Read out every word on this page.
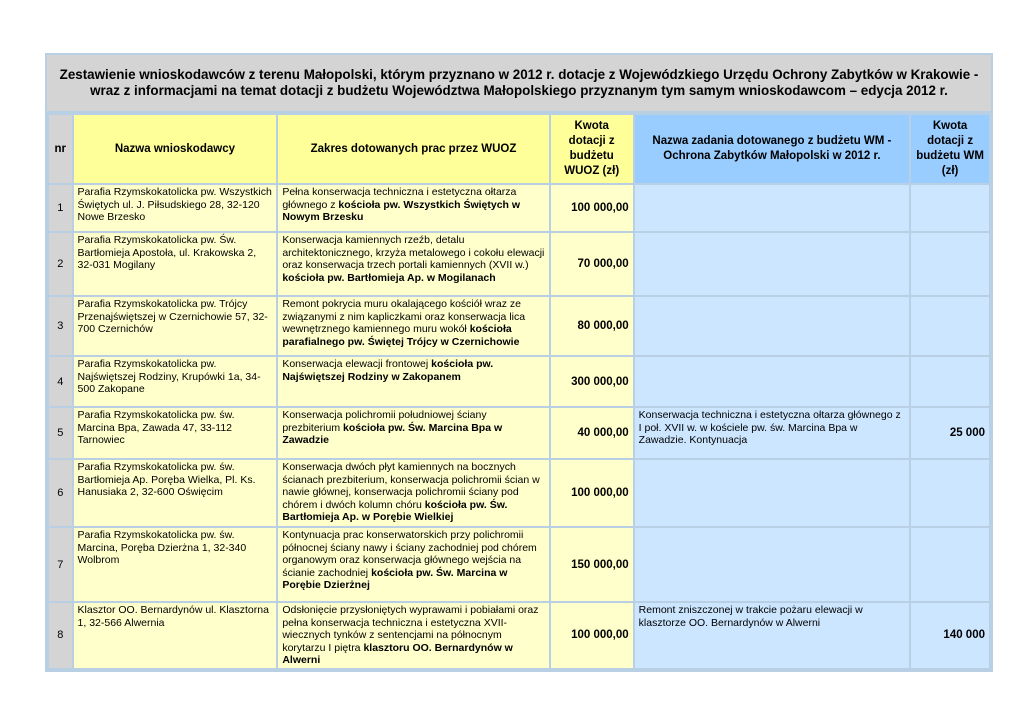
Zestawienie wnioskodawców z terenu Małopolski, którym przyznano w 2012 r. dotacje z Wojewódzkiego Urzędu Ochrony Zabytków w Krakowie -
wraz z informacjami na temat dotacji z budżetu Województwa Małopolskiego przyznanym tym samym wnioskodawcom – edycja 2012 r.
nr	Nazwa wnioskodawcy	Zakres dotowanych prac przez WUOZ	Kwota dotacji z budżetu WUOZ (zł)	Nazwa zadania dotowanego z budżetu WM - Ochrona Zabytków Małopolski w 2012 r.	Kwota dotacji z budżetu WM (zł)
1	Parafia Rzymskokatolicka pw. Wszystkich Świętych ul. J. Piłsudskiego 28, 32-120 Nowe Brzesko	Pełna konserwacja techniczna i estetyczna ołtarza głównego z kościoła pw. Wszystkich Świętych w Nowym Brzesku	100 000,00		
2	Parafia Rzymskokatolicka pw. Św. Bartłomieja Apostoła, ul. Krakowska 2, 32-031 Mogilany	Konserwacja kamiennych rzeźb, detalu architektonicznego, krzyża metalowego i cokołu elewacji oraz konserwacja trzech portali kamiennych (XVII w.) kościoła pw. Bartłomieja Ap. w Mogilanach	70 000,00		
3	Parafia Rzymskokatolicka pw. Trójcy Przenajświętszej w Czernichowie 57, 32-700 Czernichów	Remont pokrycia muru okalającego kościół wraz ze związanymi z nim kapliczkami oraz konserwacja lica wewnętrznego kamiennego muru wokół kościoła parafialnego pw. Świętej Trójcy w Czernichowie	80 000,00		
4	Parafia Rzymskokatolicka pw. Najświętszej Rodziny, Krupówki 1a, 34-500 Zakopane	Konserwacja elewacji frontowej kościoła pw. Najświętszej Rodziny w Zakopanem	300 000,00		
5	Parafia Rzymskokatolicka pw. św. Marcina Bpa, Zawada 47, 33-112 Tarnowiec	Konserwacja polichromii południowej ściany prezbiterium kościoła pw. Św. Marcina Bpa w Zawadzie	40 000,00	Konserwacja techniczna i estetyczna ołtarza głównego z I poł. XVII w. w kościele pw. św. Marcina Bpa w Zawadzie. Kontynuacja	25 000
6	Parafia Rzymskokatolicka pw. św. Bartłomieja Ap. Poręba Wielka, Pl. Ks. Hanusiaka 2, 32-600 Oświęcim	Konserwacja dwóch płyt kamiennych na bocznych ścianach prezbiterium, konserwacja polichromii ścian w nawie głównej, konserwacja polichromii ściany pod chórem i dwóch kolumn chóru kościoła pw. Św. Bartłomieja Ap. w Porębie Wielkiej	100 000,00		
7	Parafia Rzymskokatolicka pw. św. Marcina, Poręba Dzierżna 1, 32-340 Wolbrom	Kontynuacja prac konserwatorskich przy polichromii północnej ściany nawy i ściany zachodniej pod chórem organowym oraz konserwacja głównego wejścia na ścianie zachodniej kościoła pw. Św. Marcina w Porębie Dzierżnej	150 000,00		
8	Klasztor OO. Bernardynów ul. Klasztorna 1, 32-566 Alwernia	Odsłonięcie przysłoniętych wyprawami i pobiałami oraz pełna konserwacja techniczna i estetyczna XVII-wiecznych tynków z sentencjami na północnym korytarzu I piętra klasztoru OO. Bernardynów w Alwerni	100 000,00	Remont zniszczonej w trakcie pożaru elewacji w klasztorze OO. Bernardynów w Alwerni	140 000
